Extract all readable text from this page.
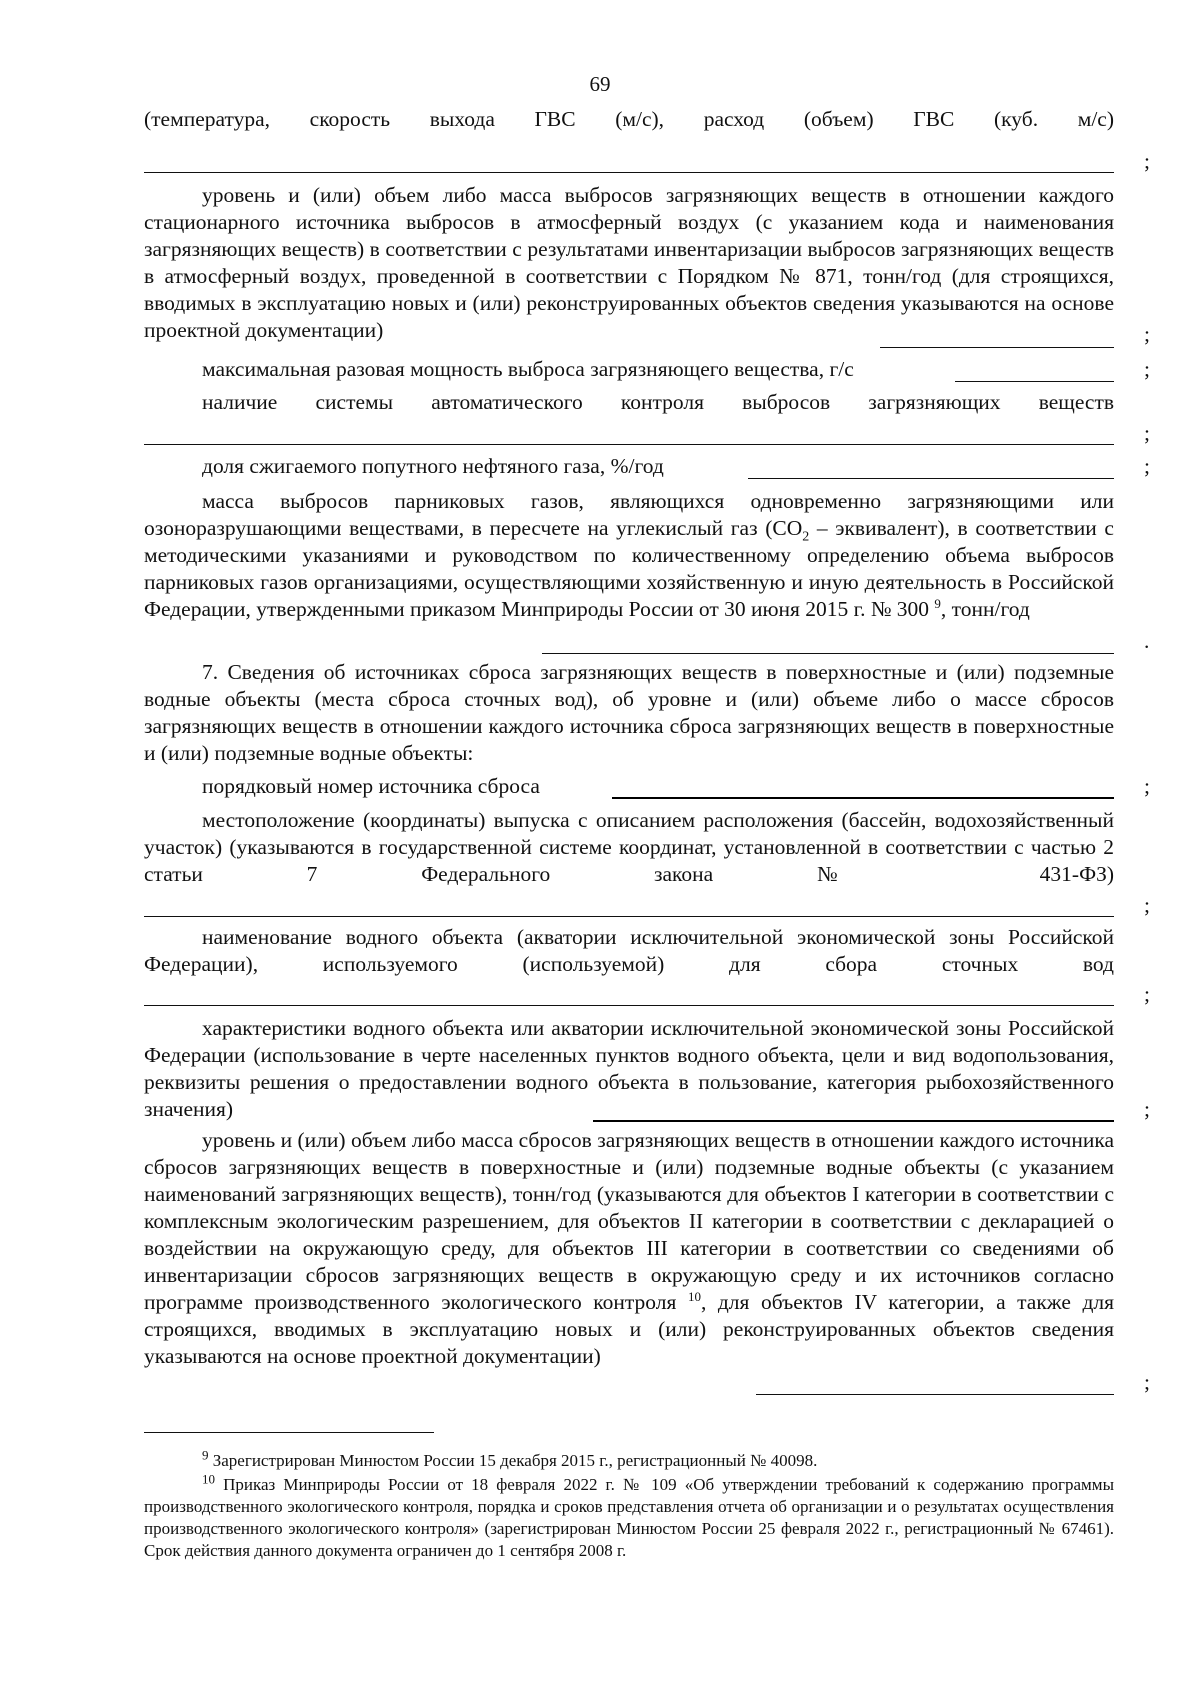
69
(температура, скорость выхода ГВС (м/с), расход (объем) ГВС (куб. м/с)
;
уровень и (или) объем либо масса выбросов загрязняющих веществ в отношении каждого стационарного источника выбросов в атмосферный воздух (с указанием кода и наименования загрязняющих веществ) в соответствии с результатами инвентаризации выбросов загрязняющих веществ в атмосферный воздух, проведенной в соответствии с Порядком № 871, тонн/год (для строящихся, вводимых в эксплуатацию новых и (или) реконструированных объектов сведения указываются на основе проектной документации)	;
максимальная разовая мощность выброса загрязняющего вещества, г/с	;
наличие системы автоматического контроля выбросов загрязняющих веществ
;
доля сжигаемого попутного нефтяного газа, %/год	;
масса выбросов парниковых газов, являющихся одновременно загрязняющими или озоноразрушающими веществами, в пересчете на углекислый газ ($CO_2$ – эквивалент), в соответствии с методическими указаниями и руководством по количественному определению объема выбросов парниковых газов организациями, осуществляющими хозяйственную и иную деятельность в Российской Федерации, утвержденными приказом Минприроды России от 30 июня 2015 г. № 300 $^9$, тонн/год
.
7. Сведения об источниках сброса загрязняющих веществ в поверхностные и (или) подземные водные объекты (места сброса сточных вод), об уровне и (или) объеме либо о массе сбросов загрязняющих веществ в отношении каждого источника сброса загрязняющих веществ в поверхностные и (или) подземные водные объекты:
порядковый номер источника сброса	;
местоположение (координаты) выпуска с описанием расположения (бассейн, водохозяйственный участок) (указываются в государственной системе координат, установленной в соответствии с частью 2 статьи 7 Федерального закона № 431-ФЗ)
;
наименование водного объекта (акватории исключительной экономической зоны Российской Федерации), используемого (используемой) для сбора сточных вод
;
характеристики водного объекта или акватории исключительной экономической зоны Российской Федерации (использование в черте населенных пунктов водного объекта, цели и вид водопользования, реквизиты решения о предоставлении водного объекта в пользование, категория рыбохозяйственного значения)	;
уровень и (или) объем либо масса сбросов загрязняющих веществ в отношении каждого источника сбросов загрязняющих веществ в поверхностные и (или) подземные водные объекты (с указанием наименований загрязняющих веществ), тонн/год (указываются для объектов I категории в соответствии с комплексным экологическим разрешением, для объектов II категории в соответствии с декларацией о воздействии на окружающую среду, для объектов III категории в соответствии со сведениями об инвентаризации сбросов загрязняющих веществ в окружающую среду и их источников согласно программе производственного экологического контроля $^{10}$, для объектов IV категории, а также для строящихся, вводимых в эксплуатацию новых и (или) реконструированных объектов сведения указываются на основе проектной документации)
;
$^9$ Зарегистрирован Минюстом России 15 декабря 2015 г., регистрационный № 40098.
$^{10}$ Приказ Минприроды России от 18 февраля 2022 г. № 109 «Об утверждении требований к содержанию программы производственного экологического контроля, порядка и сроков представления отчета об организации и о результатах осуществления производственного экологического контроля» (зарегистрирован Минюстом России 25 февраля 2022 г., регистрационный № 67461). Срок действия данного документа ограничен до 1 сентября 2008 г.
